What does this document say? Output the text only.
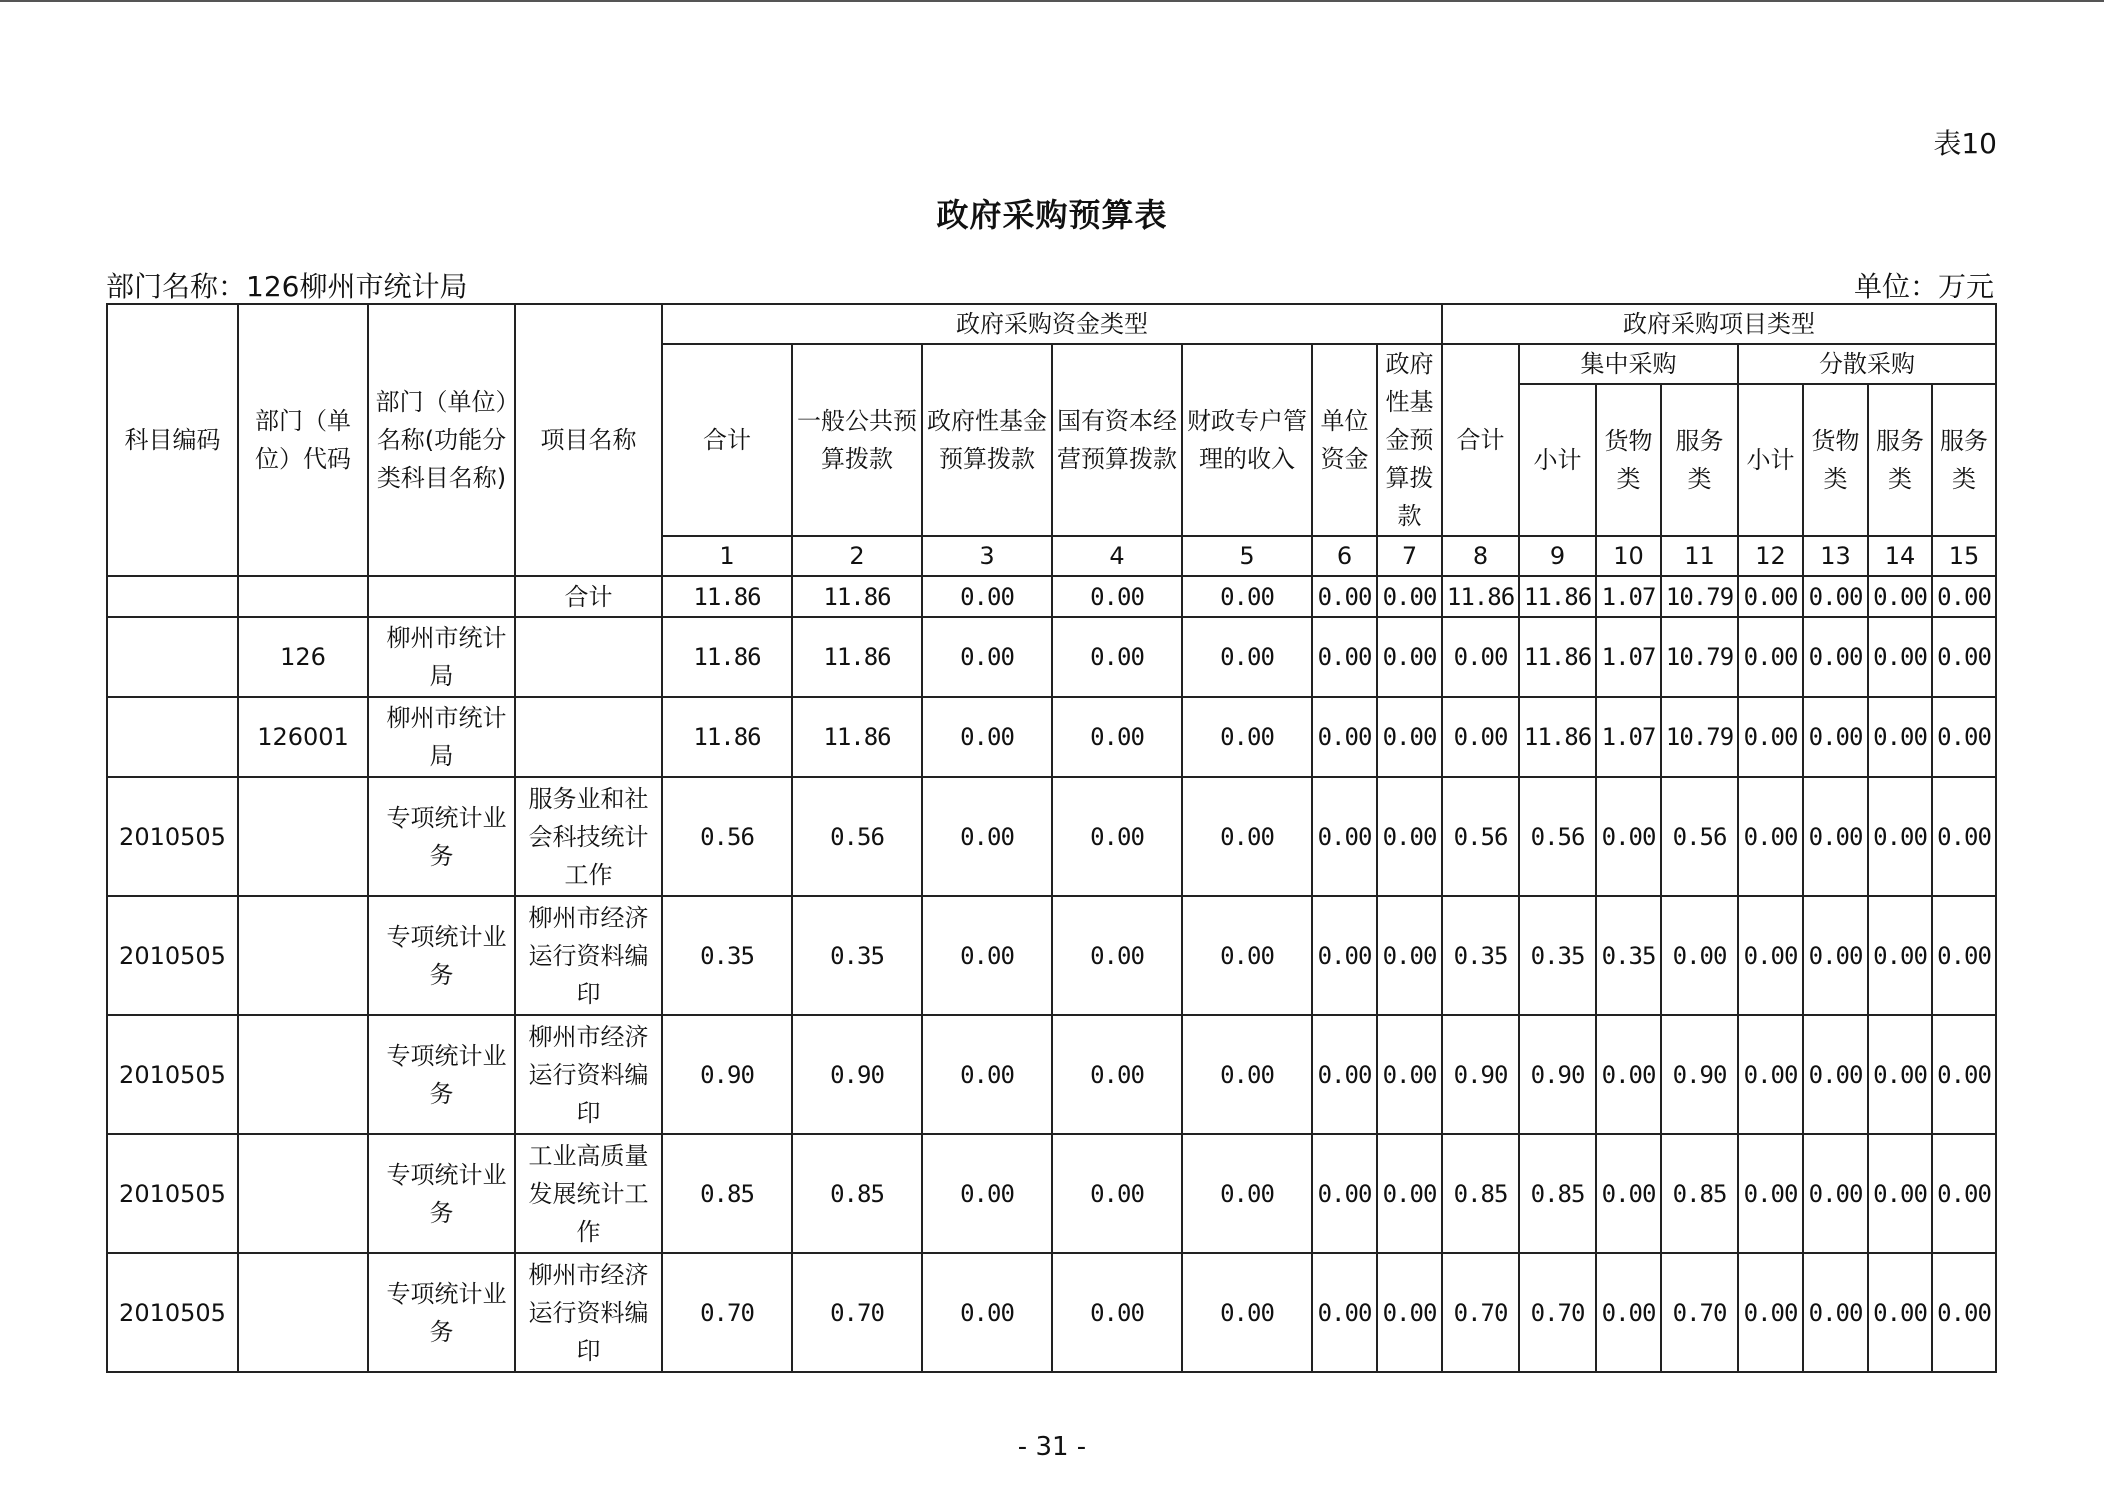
表10
政府采购预算表
部门名称：126柳州市统计局	单位：万元
科目编码	部门（单位）代码	部门（单位）名称(功能分类科目名称)	项目名称	政府采购资金类型							政府采购项目类型							
				合计	一般公共预算拨款	政府性基金预算拨款	国有资本经营预算拨款	财政专户管理的收入	单位资金	政府性基金预算拨款	合计	集中采购			分散采购			
												小计	货物类	服务类	小计	货物类	服务类	服务类
				1	2	3	4	5	6	7	8	9	10	11	12	13	14	15
			合计	11.86	11.86	0.00	0.00	0.00	0.00	0.00	11.86	11.86	1.07	10.79	0.00	0.00	0.00	0.00
	126	柳州市统计局		11.86	11.86	0.00	0.00	0.00	0.00	0.00	0.00	11.86	1.07	10.79	0.00	0.00	0.00	0.00
	126001	柳州市统计局		11.86	11.86	0.00	0.00	0.00	0.00	0.00	0.00	11.86	1.07	10.79	0.00	0.00	0.00	0.00
2010505		专项统计业务	服务业和社会科技统计工作	0.56	0.56	0.00	0.00	0.00	0.00	0.00	0.56	0.56	0.00	0.56	0.00	0.00	0.00	0.00
2010505		专项统计业务	柳州市经济运行资料编印	0.35	0.35	0.00	0.00	0.00	0.00	0.00	0.35	0.35	0.35	0.00	0.00	0.00	0.00	0.00
2010505		专项统计业务	柳州市经济运行资料编印	0.90	0.90	0.00	0.00	0.00	0.00	0.00	0.90	0.90	0.00	0.90	0.00	0.00	0.00	0.00
2010505		专项统计业务	工业高质量发展统计工作	0.85	0.85	0.00	0.00	0.00	0.00	0.00	0.85	0.85	0.00	0.85	0.00	0.00	0.00	0.00
2010505		专项统计业务	柳州市经济运行资料编印	0.70	0.70	0.00	0.00	0.00	0.00	0.00	0.70	0.70	0.00	0.70	0.00	0.00	0.00	0.00
- 31 -
